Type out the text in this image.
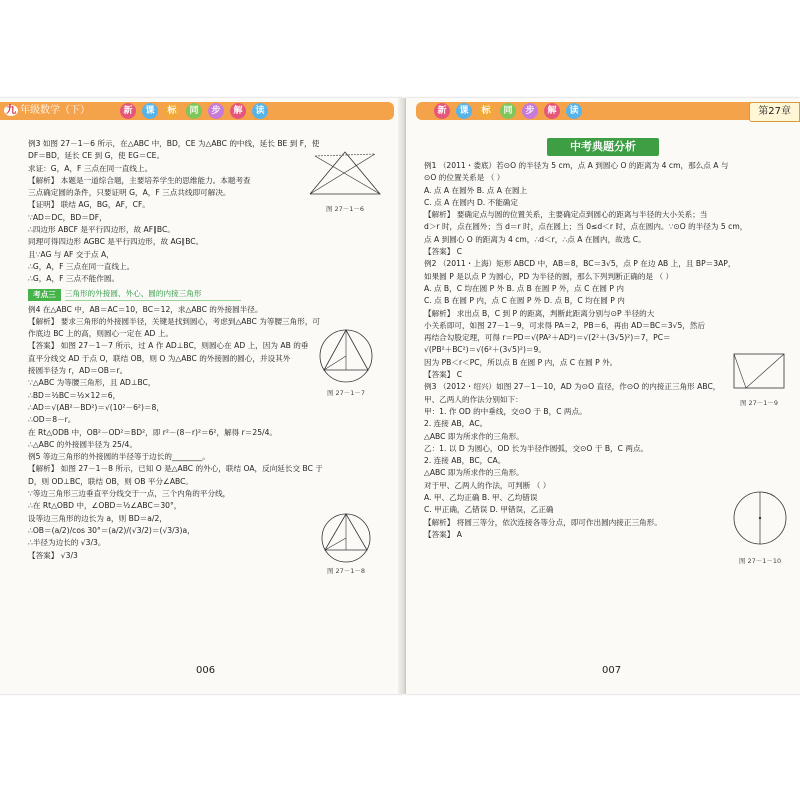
九 年级数学（下）	新	课	标	同	步	解	读
例3 如图 27－1－6 所示，在△ABC 中，BD，CE 为△ABC 的中线，延长 BE 到 F，使
DF＝BD，延长 CE 到 G，使 EG＝CE。
求证：G，A，F 三点在同一直线上。
【解析】 本题是一道综合题，主要培养学生的思维能力。本题考查
三点确定圆的条件，只要证明 G，A，F 三点共线即可解决。
【证明】 联结 AG，BG，AF，CF。
∵AD＝DC，BD＝DF，
∴四边形 ABCF 是平行四边形，故 AF∥BC。
同理可得四边形 AGBC 是平行四边形，故 AG∥BC。
且∵AG 与 AF 交于点 A，
∴G，A，F 三点在同一直线上。
∴G，A，F 三点不能作圆。
考点三	三角形的外接圆、外心、圆的内接三角形
例4 在△ABC 中，AB＝AC＝10，BC＝12，求△ABC 的外接圆半径。
【解析】 要求三角形的外接圆半径，关键是找到圆心，考虑到△ABC 为等腰三角形，可
作底边 BC 上的高，则圆心一定在 AD 上。
【答案】 如图 27－1－7 所示，过 A 作 AD⊥BC，则圆心在 AD 上，因为 AB 的垂
直平分线交 AD 于点 O，联结 OB，则 O 为△ABC 的外接圆的圆心，并设其外
接圆半径为 r，AD＝OB＝r。
∵△ABC 为等腰三角形，且 AD⊥BC，
∴BD＝½BC＝½×12＝6，
∴AD＝√(AB²－BD²)＝√(10²－6²)＝8，
∴OD＝8－r。
在 Rt△ODB 中，OB²－OD²＝BD²，即 r²－(8－r)²＝6²，解得 r＝25/4。
∴△ABC 的外接圆半径为 25/4。
例5 等边三角形的外接圆的半径等于边长的________。
【解析】 如图 27－1－8 所示，已知 O 是△ABC 的外心，联结 OA，反向延长交 BC 于
D，则 OD⊥BC，联结 OB，则 OB 平分∠ABC。
∵等边三角形三边垂直平分线交于一点，三个内角的平分线，
∴在 Rt△OBD 中，∠OBD＝½∠ABC＝30°，
设等边三角形的边长为 a，则 BD＝a/2，
∴OB＝(a/2)/cos 30°＝(a/2)/(√3/2)＝(√3/3)a，
∴半径为边长的 √3/3。
【答案】 √3/3
图 27－1－6
图 27－1－7
图 27－1－8
006
新	课	标	同	步	解	读	第27章
中考典题分析
例1 （2011・娄底）若⊙O 的半径为 5 cm，点 A 到圆心 O 的距离为 4 cm，那么点 A 与
⊙O 的位置关系是 （ ）
A. 点 A 在圆外 B. 点 A 在圆上
C. 点 A 在圆内 D. 不能确定
【解析】 要确定点与圆的位置关系，主要确定点到圆心的距离与半径的大小关系；当
d＞r 时，点在圆外；当 d＝r 时，点在圆上；当 0≤d＜r 时，点在圆内。∵⊙O 的半径为 5 cm，
点 A 到圆心 O 的距离为 4 cm，∴d＜r，∴点 A 在圆内，故选 C。
【答案】 C
例2 （2011・上海）矩形 ABCD 中，AB＝8，BC＝3√5，点 P 在边 AB 上，且 BP＝3AP，
如果圆 P 是以点 P 为圆心，PD 为半径的圆，那么下列判断正确的是 （ ）
A. 点 B，C 均在圆 P 外 B. 点 B 在圆 P 外，点 C 在圆 P 内
C. 点 B 在圆 P 内，点 C 在圆 P 外 D. 点 B，C 均在圆 P 内
【解析】 求出点 B，C 到 P 的距离，判断此距离分别与⊙P 半径的大
小关系即可，如图 27－1－9，可求得 PA＝2，PB＝6，再由 AD＝BC＝3√5，然后
再结合勾股定理，可得 r＝PD＝√(PA²＋AD²)＝√(2²＋(3√5)²)＝7，PC＝
√(PB²＋BC²)＝√(6²＋(3√5)²)＝9。
因为 PB＜r＜PC，所以点 B 在圆 P 内，点 C 在圆 P 外。
【答案】 C
例3 （2012・绍兴）如图 27－1－10，AD 为⊙O 直径，作⊙O 的内接正三角形 ABC，
甲、乙两人的作法分别如下：
甲：1. 作 OD 的中垂线，交⊙O 于 B，C 两点。
2. 连接 AB，AC。
△ABC 即为所求作的三角形。
乙：1. 以 D 为圆心，OD 长为半径作圆弧，交⊙O 于 B，C 两点。
2. 连接 AB，BC，CA。
△ABC 即为所求作的三角形。
对于甲、乙两人的作法，可判断 （ ）
A. 甲、乙均正确 B. 甲、乙均错误
C. 甲正确，乙错误 D. 甲错误，乙正确
【解析】 将圆三等分，依次连接各等分点，即可作出圆内接正三角形。
【答案】 A
图 27－1－9
图 27－1－10
007
